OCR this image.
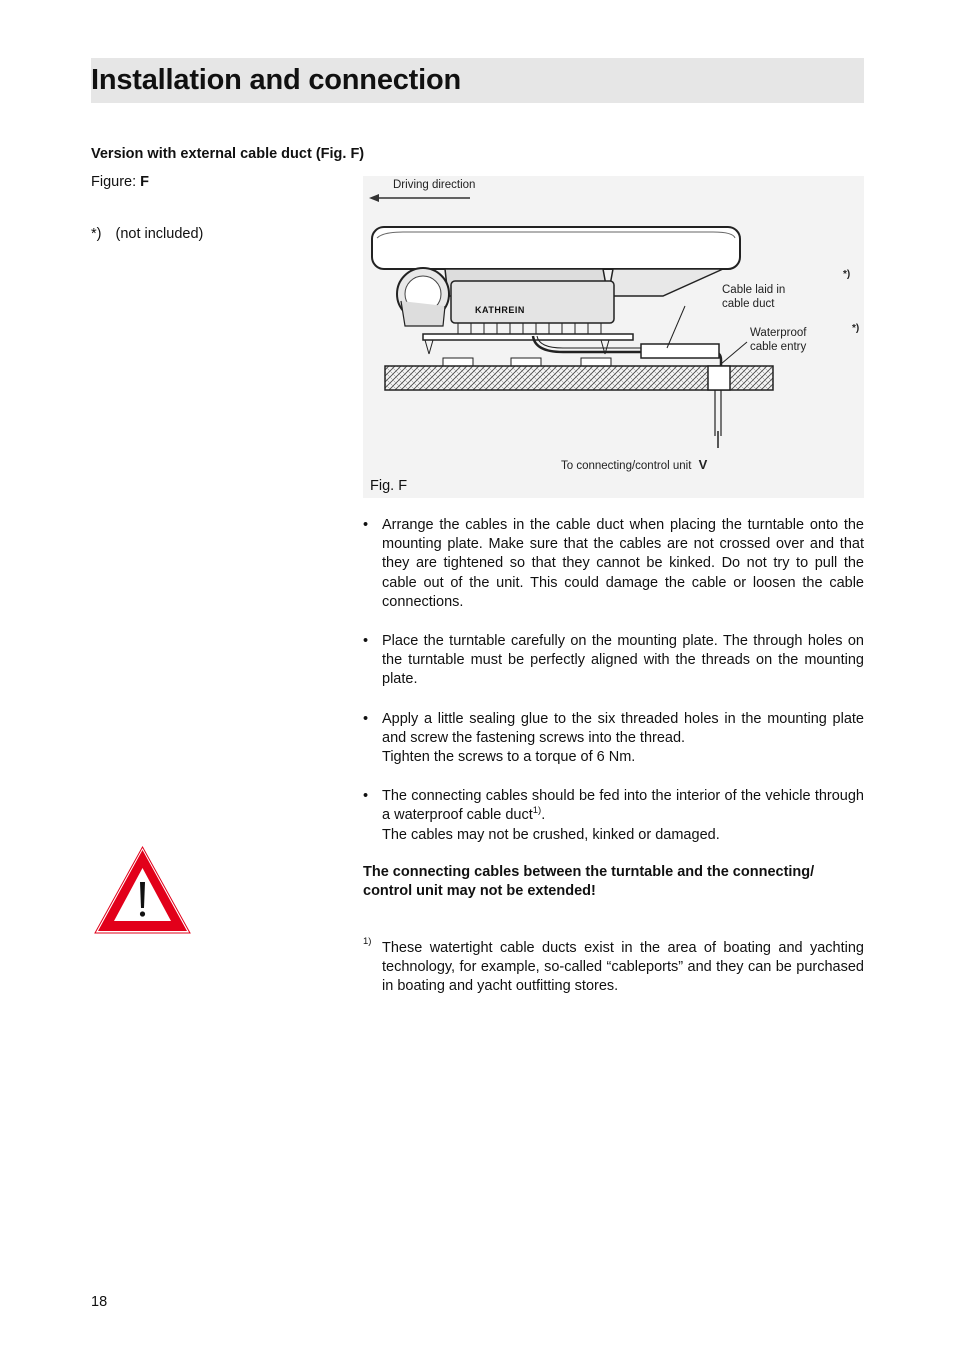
Installation and connection
Version with external cable duct (Fig. F)
Figure: F
*) (not included)
KATHREIN
Driving direction
Cable laid in
cable duct
Waterproof
cable entry
*)
*)
To connecting/control unit V
Fig. F
• Arrange the cables in the cable duct when placing the turntable onto the mounting plate. Make sure that the cables are not crossed over and that they are tightened so that they cannot be kinked. Do not try to pull the cable out of the unit. This could damage the cable or loosen the cable connections.

• Place the turntable carefully on the mounting plate. The through holes on the turntable must be perfectly aligned with the threads on the mounting plate.

• Apply a little sealing glue to the six threaded holes in the mounting plate and screw the fastening screws into the thread.

Tighten the screws to a torque of 6 Nm.

• The connecting cables should be fed into the interior of the vehicle through a waterproof cable duct$^{1)}$.

The cables may not be crushed, kinked or damaged.

The connecting cables between the turntable and the connecting/ control unit may not be extended!
1) These watertight cable ducts exist in the area of boating and yachting technology, for example, so-called “cableports” and they can be purchased in boating and yacht outfitting stores.

18
